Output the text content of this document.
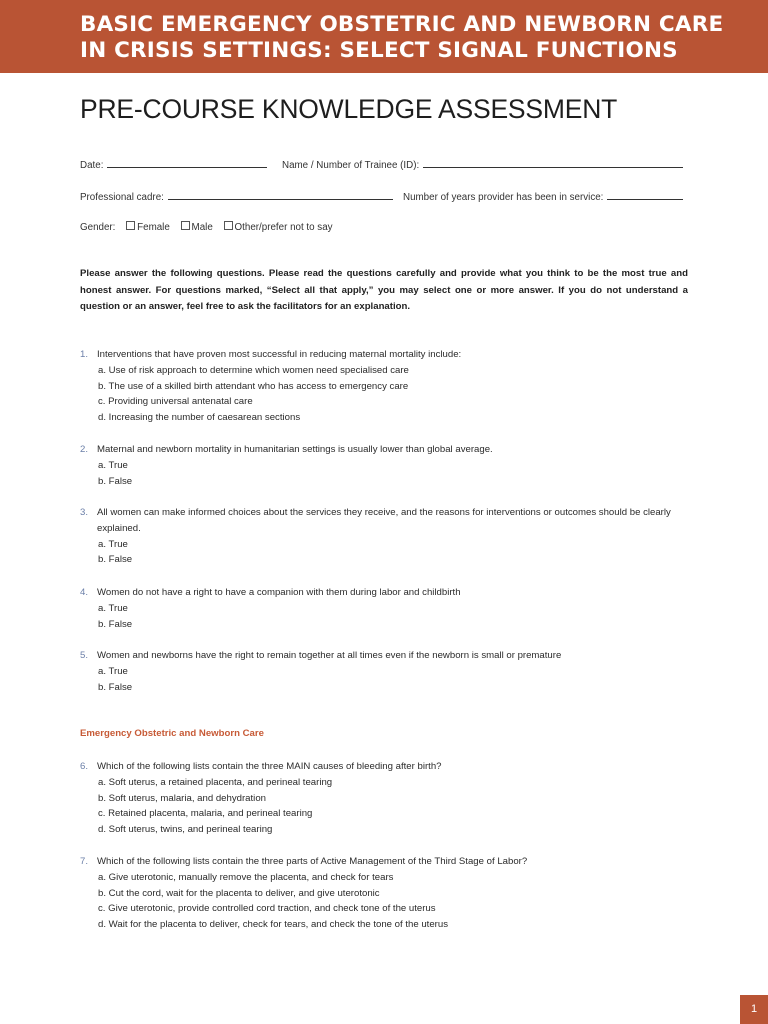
BASIC EMERGENCY OBSTETRIC AND NEWBORN CARE
IN CRISIS SETTINGS: SELECT SIGNAL FUNCTIONS
PRE-COURSE KNOWLEDGE ASSESSMENT
Date:	Name / Number of Trainee (ID):
Professional cadre:	Number of years provider has been in service:
Gender: Female Male Other/prefer not to say

Please answer the following questions. Please read the questions carefully and provide what you think to be the most true and honest answer. For questions marked, “Select all that apply,” you may select one or more answer. If you do not understand a question or an answer, feel free to ask the facilitators for an explanation.

1. Interventions that have proven most successful in reducing maternal mortality include:
a. Use of risk approach to determine which women need specialised care
b. The use of a skilled birth attendant who has access to emergency care
c. Providing universal antenatal care
d. Increasing the number of caesarean sections
2. Maternal and newborn mortality in humanitarian settings is usually lower than global average.
a. True
b. False
3. All women can make informed choices about the services they receive, and the reasons for interventions or outcomes should be clearly explained.
a. True
b. False
4. Women do not have a right to have a companion with them during labor and childbirth
a. True
b. False
5. Women and newborns have the right to remain together at all times even if the newborn is small or premature
a. True
b. False
Emergency Obstetric and Newborn Care
6. Which of the following lists contain the three MAIN causes of bleeding after birth?
a. Soft uterus, a retained placenta, and perineal tearing
b. Soft uterus, malaria, and dehydration
c. Retained placenta, malaria, and perineal tearing
d. Soft uterus, twins, and perineal tearing
7. Which of the following lists contain the three parts of Active Management of the Third Stage of Labor?
a. Give uterotonic, manually remove the placenta, and check for tears
b. Cut the cord, wait for the placenta to deliver, and give uterotonic
c. Give uterotonic, provide controlled cord traction, and check tone of the uterus
d. Wait for the placenta to deliver, check for tears, and check the tone of the uterus
1
